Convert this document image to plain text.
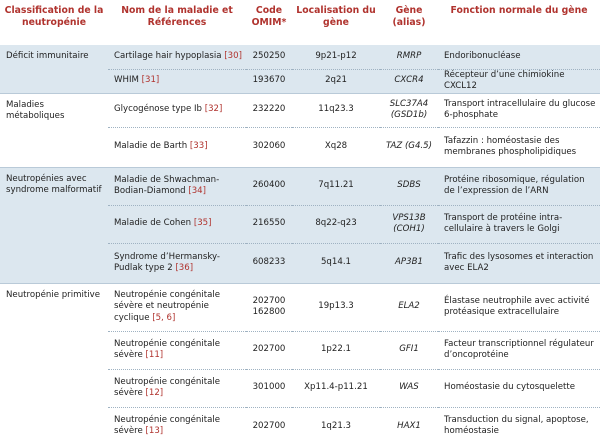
Classification de la neutropénie	Nom de la maladie et Références	Code OMIM*	Localisation du gène	Gène (alias)	Fonction normale du gène
Déficit immunitaire	Cartilage hair hypoplasia [30]	250250	9p21-p12	RMRP	Endoribonucléase
	WHIM [31]	193670	2q21	CXCR4	Récepteur d’une chimiokine CXCL12
Maladies métaboliques	Glycogénose type Ib [32]	232220	11q23.3	SLC37A4 (GSD1b)	Transport intracellulaire du glucose 6-phosphate
	Maladie de Barth [33]	302060	Xq28	TAZ (G4.5)	Tafazzin : homéostasie des membranes phospholipidiques
Neutropénies avec syndrome malformatif	Maladie de Shwachman-Bodian-Diamond [34]	260400	7q11.21	SDBS	Protéine ribosomique, régulation de l’expression de l’ARN
	Maladie de Cohen [35]	216550	8q22-q23	VPS13B (COH1)	Transport de protéine intra-cellulaire à travers le Golgi
	Syndrome d’Hermansky-Pudlak type 2 [36]	608233	5q14.1	AP3B1	Trafic des lysosomes et interaction avec ELA2
Neutropénie primitive	Neutropénie congénitale sévère et neutropénie cyclique [5, 6]	202700 162800	19p13.3	ELA2	Élastase neutrophile avec activité protéasique extracellulaire
	Neutropénie congénitale sévère [11]	202700	1p22.1	GFI1	Facteur transcriptionnel régulateur d’oncoprotéine
	Neutropénie congénitale sévère [12]	301000	Xp11.4-p11.21	WAS	Homéostasie du cytosquelette
	Neutropénie congénitale sévère [13]	202700	1q21.3	HAX1	Transduction du signal, apoptose, homéostasie
